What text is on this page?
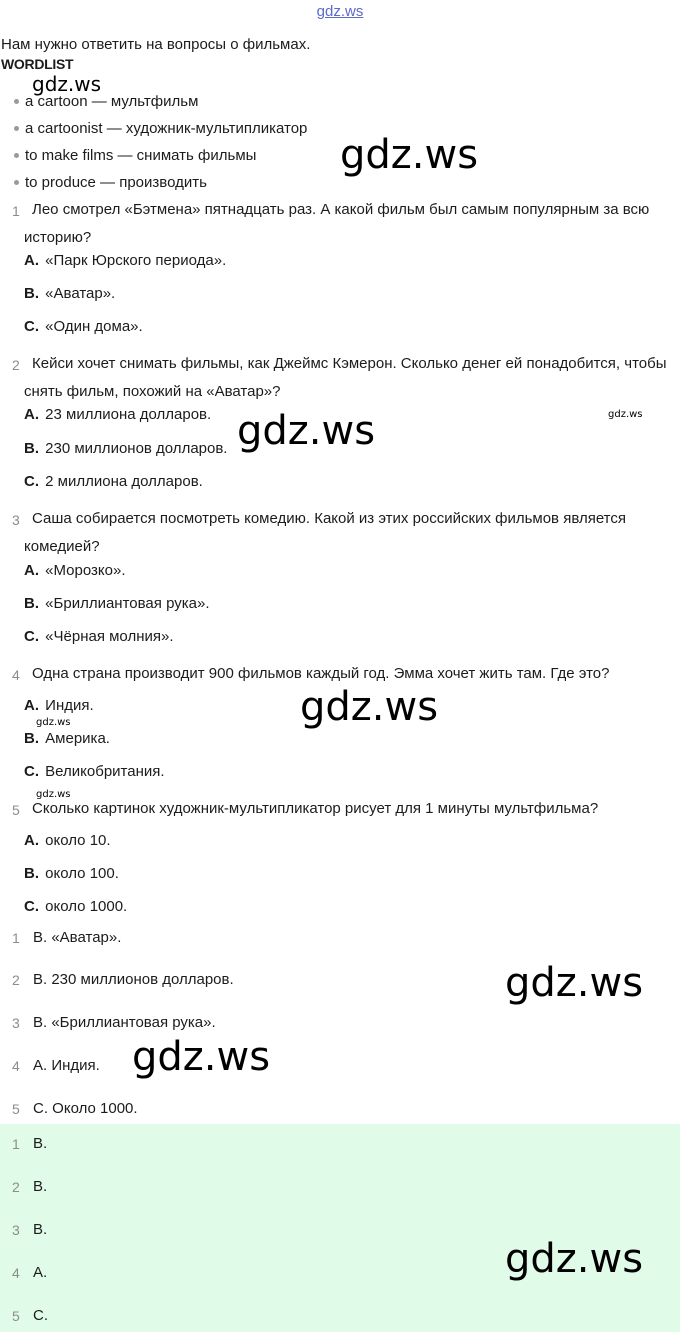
gdz.ws
Нам нужно ответить на вопросы о фильмах.
WORDLIST
a cartoon — мультфильм
a cartoonist — художник-мультипликатор
to make films — снимать фильмы
to produce — производить
1 Лео смотрел «Бэтмена» пятнадцать раз. А какой фильм был самым популярным за всю историю?
A. «Парк Юрского периода».
B. «Аватар».
C. «Один дома».
2 Кейси хочет снимать фильмы, как Джеймс Кэмерон. Сколько денег ей понадобится, чтобы снять фильм, похожий на «Аватар»?
A. 23 миллиона долларов.
B. 230 миллионов долларов.
C. 2 миллиона долларов.
3 Саша собирается посмотреть комедию. Какой из этих российских фильмов является комедией?
A. «Морозко».
B. «Бриллиантовая рука».
C. «Чёрная молния».
4 Одна страна производит 900 фильмов каждый год. Эмма хочет жить там. Где это?
A. Индия.
B. Америка.
C. Великобритания.
5 Сколько картинок художник-мультипликатор рисует для 1 минуты мультфильма?
A. около 10.
B. около 100.
C. около 1000.
1 B. «Аватар».
2 B. 230 миллионов долларов.
3 B. «Бриллиантовая рука».
4 A. Индия.
5 C. Около 1000.
1 B.
2 B.
3 B.
4 A.
5 C.
gdz.ws
gdz.ws
gdz.ws
gdz.ws
gdz.ws
gdz.ws
gdz.ws
gdz.ws
gdz.ws
gdz.ws
